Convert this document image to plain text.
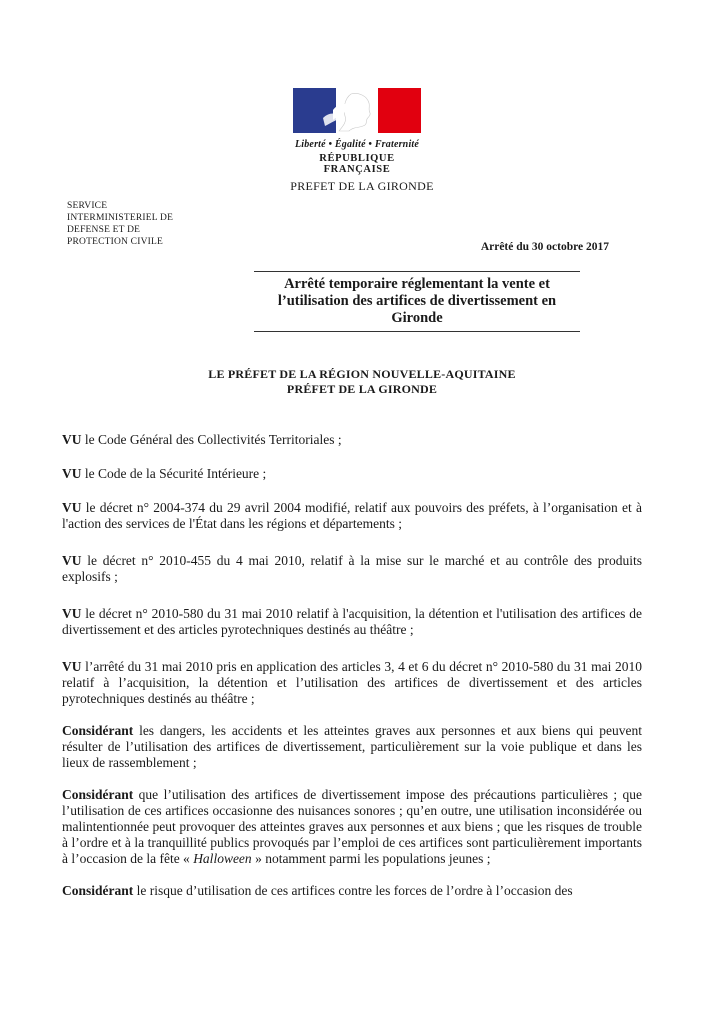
Liberté • Égalité • Fraternité
RÉPUBLIQUE FRANÇAISE
PREFET DE LA GIRONDE
SERVICE
INTERMINISTERIEL DE
DEFENSE ET DE
PROTECTION CIVILE	Arrêté du 30 octobre 2017
Arrêté temporaire réglementant la vente et
l’utilisation des artifices de divertissement en
Gironde
LE PRÉFET DE LA RÉGION NOUVELLE-AQUITAINE
PRÉFET DE LA GIRONDE

VU le Code Général des Collectivités Territoriales ;

VU le Code de la Sécurité Intérieure ;

VU le décret n° 2004-374 du 29 avril 2004 modifié, relatif aux pouvoirs des préfets, à l’organisation et à l'action des services de l'État dans les régions et départements ;

VU le décret n° 2010-455 du 4 mai 2010, relatif à la mise sur le marché et au contrôle des produits explosifs ;

VU le décret n° 2010-580 du 31 mai 2010 relatif à l'acquisition, la détention et l'utilisation des artifices de divertissement et des articles pyrotechniques destinés au théâtre ;

VU l’arrêté du 31 mai 2010 pris en application des articles 3, 4 et 6 du décret n° 2010-580 du 31 mai 2010 relatif à l’acquisition, la détention et l’utilisation des artifices de divertissement et des articles pyrotechniques destinés au théâtre ;

Considérant les dangers, les accidents et les atteintes graves aux personnes et aux biens qui peuvent résulter de l’utilisation des artifices de divertissement, particulièrement sur la voie publique et dans les lieux de rassemblement ;

Considérant que l’utilisation des artifices de divertissement impose des précautions particulières ; que l’utilisation de ces artifices occasionne des nuisances sonores ; qu’en outre, une utilisation inconsidérée ou malintentionnée peut provoquer des atteintes graves aux personnes et aux biens ; que les risques de trouble à l’ordre et à la tranquillité publics provoqués par l’emploi de ces artifices sont particulièrement importants à l’occasion de la fête « Halloween » notamment parmi les populations jeunes ;

Considérant le risque d’utilisation de ces artifices contre les forces de l’ordre à l’occasion des
